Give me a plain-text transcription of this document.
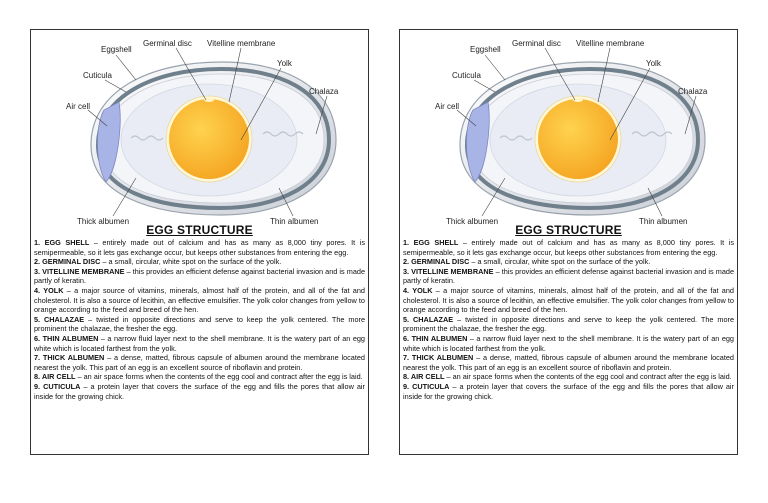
Eggshell
Cuticula
Air cell
Germinal disc Vitelline membrane
Yolk
Chalaza
Thick albumen	Thin albumen
EGG STRUCTURE

1. EGG SHELL – entirely made out of calcium and has as many as 8,000 tiny pores. It is semipermeable, so it lets gas exchange occur, but keeps other substances from entering the egg.

2. GERMINAL DISC – a small, circular, white spot on the surface of the yolk.

3. VITELLINE MEMBRANE – this provides an efficient defense against bacterial invasion and is made partly of keratin.

4. YOLK – a major source of vitamins, minerals, almost half of the protein, and all of the fat and cholesterol. It is also a source of lecithin, an effective emulsifier. The yolk color changes from yellow to orange according to the feed and breed of the hen.

5. CHALAZAE – twisted in opposite directions and serve to keep the yolk centered. The more prominent the chalazae, the fresher the egg.

6. THIN ALBUMEN – a narrow fluid layer next to the shell membrane. It is the watery part of an egg white which is located farthest from the yolk.

7. THICK ALBUMEN – a dense, matted, fibrous capsule of albumen around the membrane located nearest the yolk. This part of an egg is an excellent source of riboflavin and protein.

8. AIR CELL – an air space forms when the contents of the egg cool and contract after the egg is laid.

9. CUTICULA – a protein layer that covers the surface of the egg and fills the pores that allow air inside for the growing chick.

Eggshell
Cuticula
Air cell
Germinal disc Vitelline membrane
Yolk
Chalaza
Thick albumen	Thin albumen
EGG STRUCTURE

1. EGG SHELL – entirely made out of calcium and has as many as 8,000 tiny pores. It is semipermeable, so it lets gas exchange occur, but keeps other substances from entering the egg.

2. GERMINAL DISC – a small, circular, white spot on the surface of the yolk.

3. VITELLINE MEMBRANE – this provides an efficient defense against bacterial invasion and is made partly of keratin.

4. YOLK – a major source of vitamins, minerals, almost half of the protein, and all of the fat and cholesterol. It is also a source of lecithin, an effective emulsifier. The yolk color changes from yellow to orange according to the feed and breed of the hen.

5. CHALAZAE – twisted in opposite directions and serve to keep the yolk centered. The more prominent the chalazae, the fresher the egg.

6. THIN ALBUMEN – a narrow fluid layer next to the shell membrane. It is the watery part of an egg white which is located farthest from the yolk.

7. THICK ALBUMEN – a dense, matted, fibrous capsule of albumen around the membrane located nearest the yolk. This part of an egg is an excellent source of riboflavin and protein.

8. AIR CELL – an air space forms when the contents of the egg cool and contract after the egg is laid.

9. CUTICULA – a protein layer that covers the surface of the egg and fills the pores that allow air inside for the growing chick.
